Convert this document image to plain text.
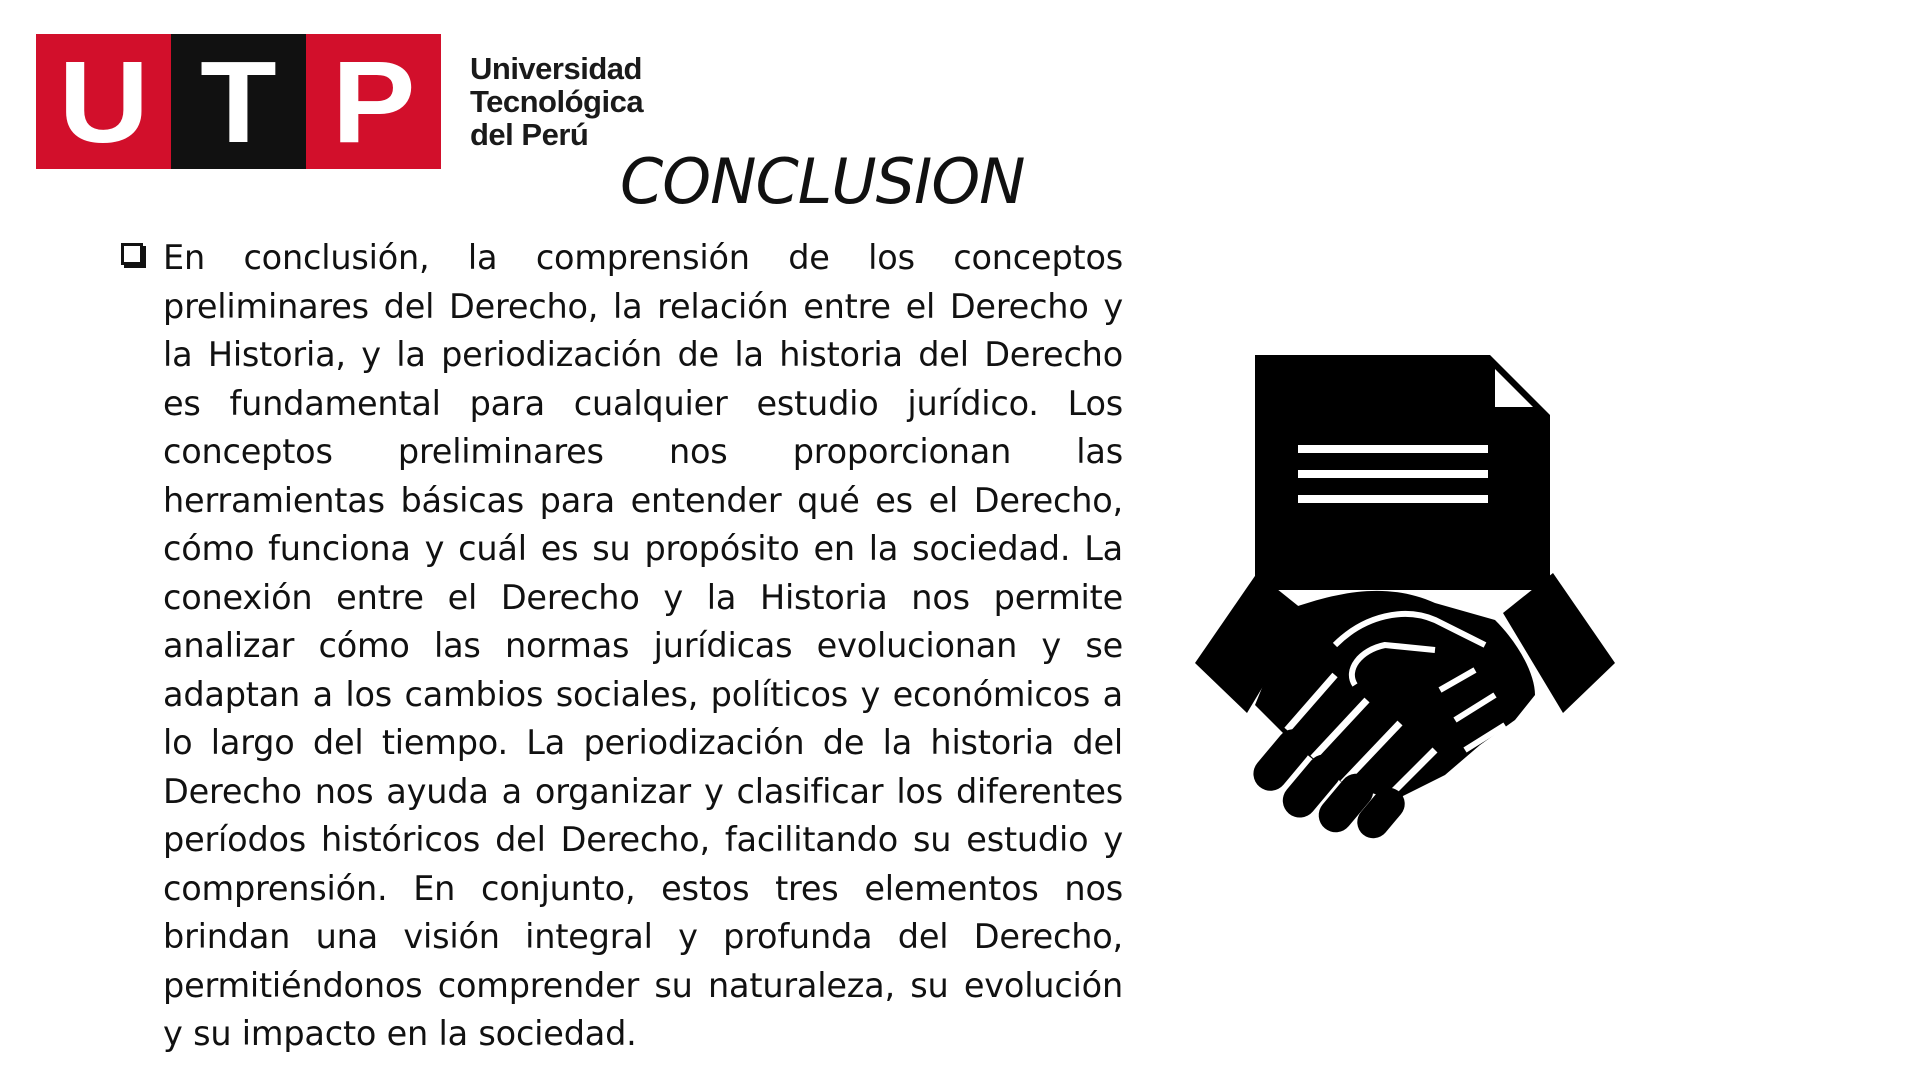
U T P Universidad
Tecnológica
del Perú
CONCLUSION
En conclusión, la comprensión de los conceptos preliminares del Derecho, la relación entre el Derecho y la Historia, y la periodización de la historia del Derecho es fundamental para cualquier estudio jurídico. Los conceptos preliminares nos proporcionan las herramientas básicas para entender qué es el Derecho, cómo funciona y cuál es su propósito en la sociedad. La conexión entre el Derecho y la Historia nos permite analizar cómo las normas jurídicas evolucionan y se adaptan a los cambios sociales, políticos y económicos a lo largo del tiempo. La periodización de la historia del Derecho nos ayuda a organizar y clasificar los diferentes períodos históricos del Derecho, facilitando su estudio y comprensión. En conjunto, estos tres elementos nos brindan una visión integral y profunda del Derecho, permitiéndonos comprender su naturaleza, su evolución y su impacto en la sociedad.
